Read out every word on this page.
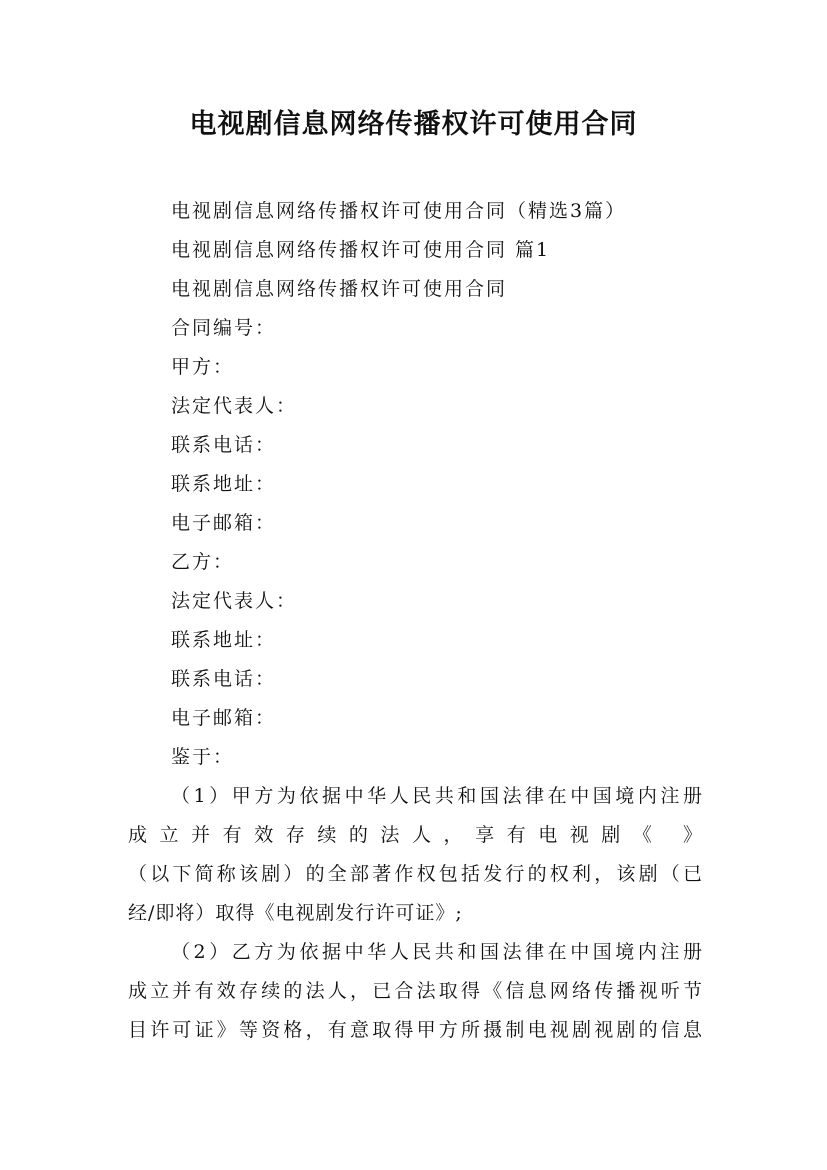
电视剧信息网络传播权许可使用合同
电视剧信息网络传播权许可使用合同（精选3篇）
电视剧信息网络传播权许可使用合同 篇1
电视剧信息网络传播权许可使用合同
合同编号：
甲方：
法定代表人：
联系电话：
联系地址：
电子邮箱：
乙方：
法定代表人：
联系地址：
联系电话：
电子邮箱：
鉴于：
（1）甲方为依据中华人民共和国法律在中国境内注册
成立并有效存续的法人，享有电视剧《 》
（以下简称该剧）的全部著作权包括发行的权利，该剧（已
经/即将）取得《电视剧发行许可证》;
（2）乙方为依据中华人民共和国法律在中国境内注册
成立并有效存续的法人，已合法取得《信息网络传播视听节
目许可证》等资格，有意取得甲方所摄制电视剧视剧的信息
